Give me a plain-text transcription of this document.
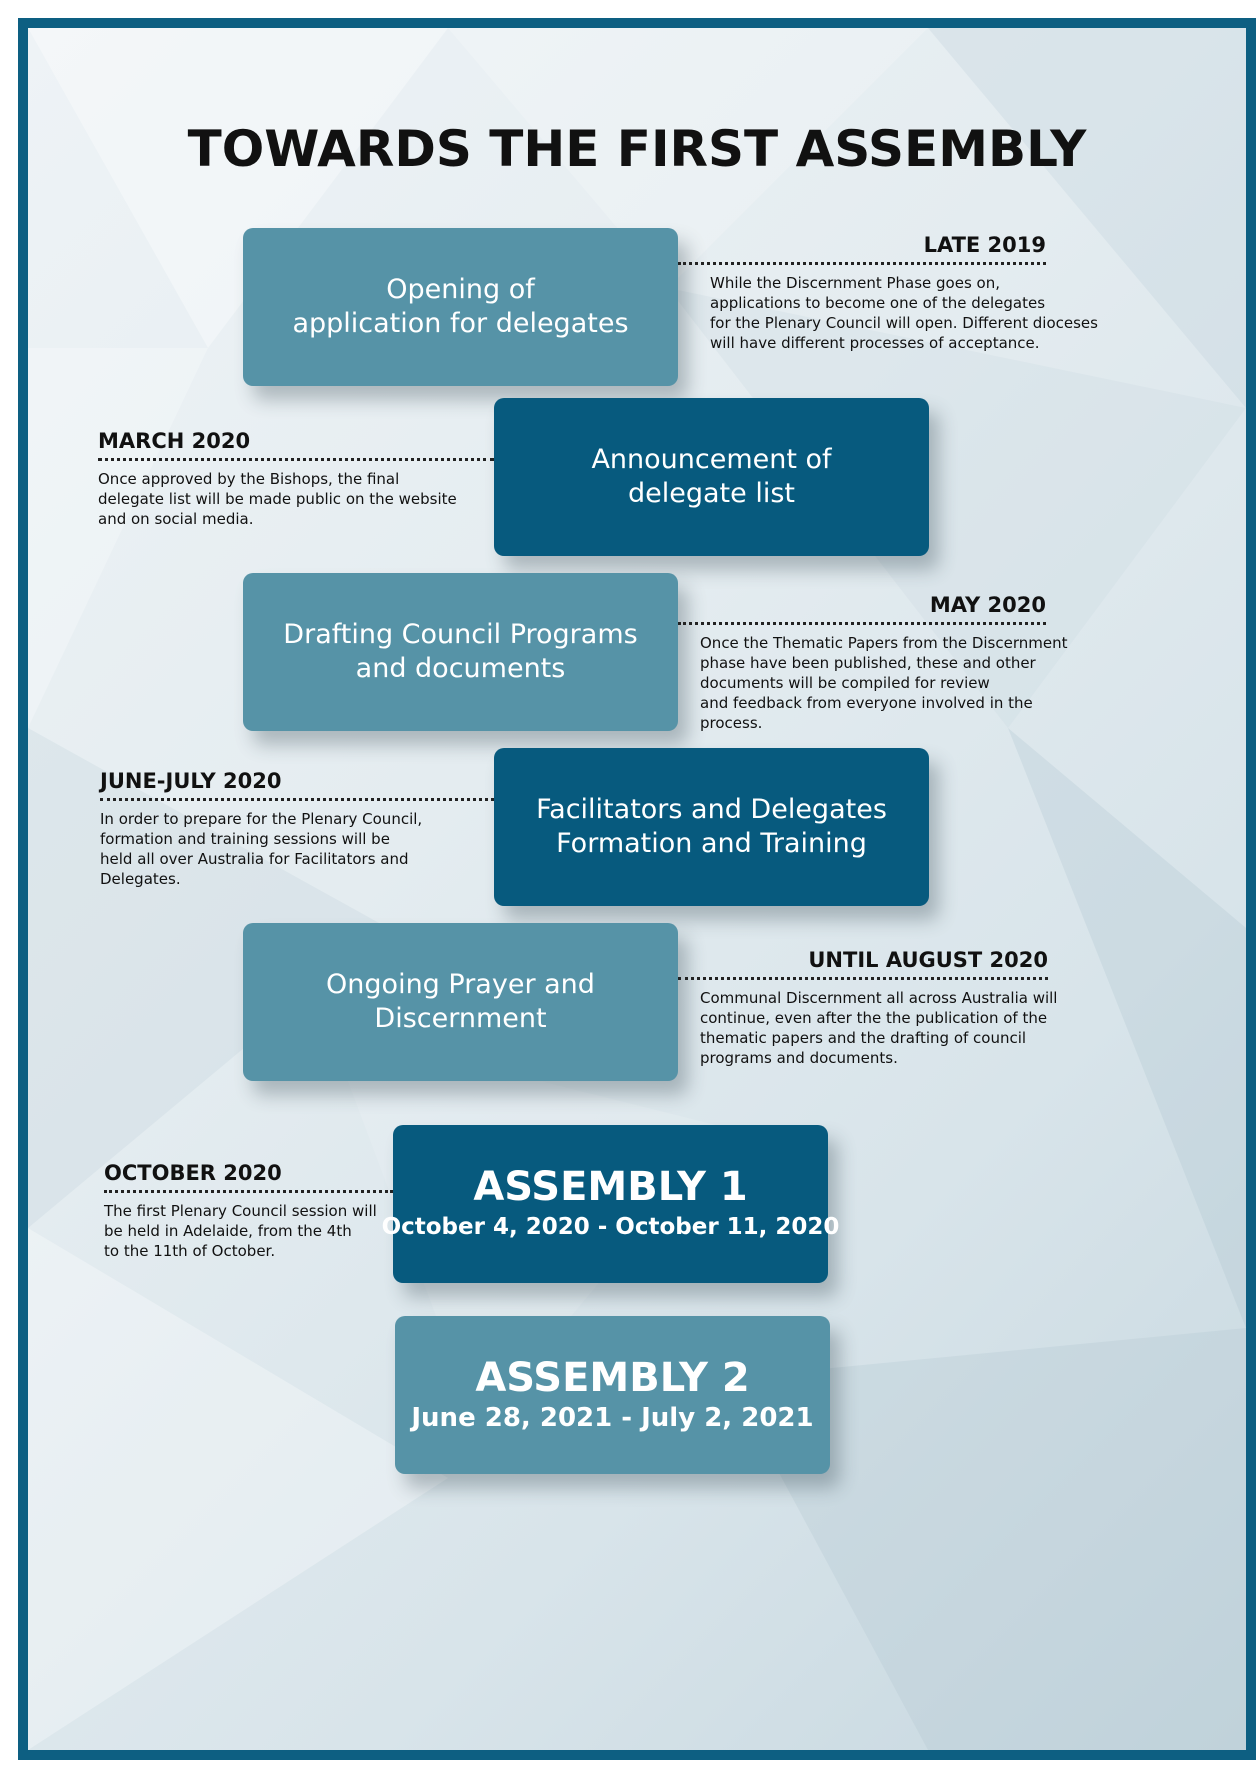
TOWARDS THE FIRST ASSEMBLY
Opening of
application for delegates
LATE 2019
While the Discernment Phase goes on,
applications to become one of the delegates
for the Plenary Council will open. Different dioceses
will have different processes of acceptance.
Announcement of
delegate list
MARCH 2020
Once approved by the Bishops, the final
delegate list will be made public on the website
and on social media.
Drafting Council Programs
and documents
MAY 2020
Once the Thematic Papers from the Discernment
phase have been published, these and other
documents will be compiled for review
and feedback from everyone involved in the
process.
Facilitators and Delegates
Formation and Training
JUNE-JULY 2020
In order to prepare for the Plenary Council,
formation and training sessions will be
held all over Australia for Facilitators and
Delegates.
Ongoing Prayer and
Discernment
UNTIL AUGUST 2020
Communal Discernment all across Australia will
continue, even after the the publication of the
thematic papers and the drafting of council
programs and documents.
ASSEMBLY 1
October 4, 2020 - October 11, 2020
OCTOBER 2020
The first Plenary Council session will
be held in Adelaide, from the 4th
to the 11th of October.
ASSEMBLY 2
June 28, 2021 - July 2, 2021
